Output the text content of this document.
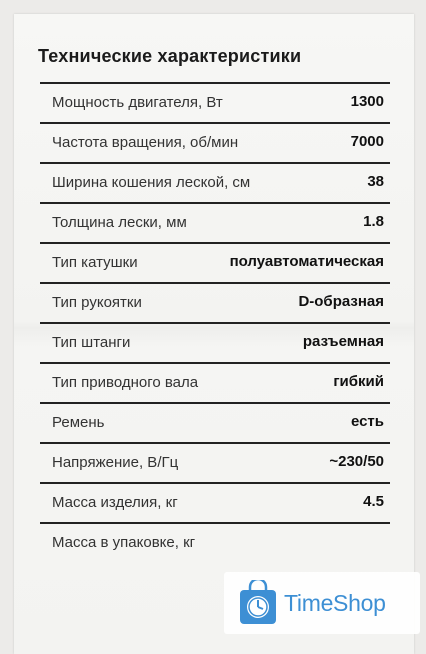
Технические характеристики
Мощность двигателя, Вт	1300
Частота вращения, об/мин	7000
Ширина кошения леской, см	38
Толщина лески, мм	1.8
Тип катушки	полуавтоматическая
Тип рукоятки	D-образная
Тип штанги	разъемная
Тип приводного вала	гибкий
Ремень	есть
Напряжение, В/Гц	~230/50
Масса изделия, кг	4.5
Масса в упаковке, кг
TimeShop
